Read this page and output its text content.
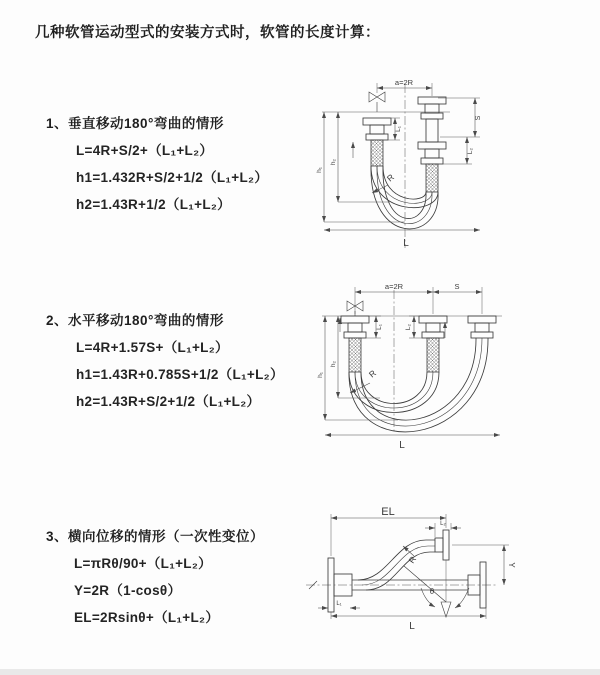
几种软管运动型式的安装方式时，软管的长度计算：
1、垂直移动180°弯曲的情形
L=4R+S/2+（L₁+L₂）
h1=1.432R+S/2+1/2（L₁+L₂）
h2=1.43R+1/2（L₁+L₂）
2、水平移动180°弯曲的情形
L=4R+1.57S+（L₁+L₂）
h1=1.43R+0.785S+1/2（L₁+L₂）
h2=1.43R+S/2+1/2（L₁+L₂）
3、横向位移的情形（一次性变位）
L=πRθ/90+（L₁+L₂）
Y=2R（1-cosθ）
EL=2Rsinθ+（L₁+L₂）
a=2R
L₁
S
L₂
h₁
h₂
R
L
a=2R	S
L₁	L₂
h₁
h₂
R
L
EL
L₂
Y
R
θ
L₁
L
